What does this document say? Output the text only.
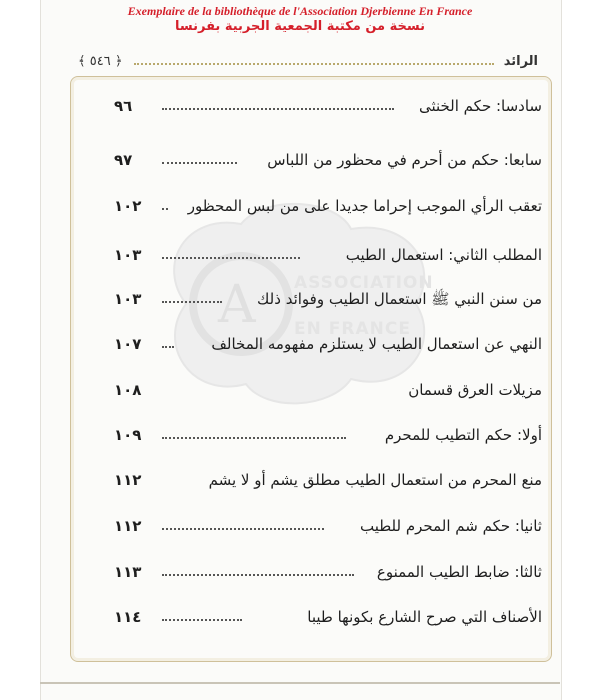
Exemplaire de la bibliothèque de l'Association Djerbienne En France
نسخة من مكتبة الجمعية الجربية بفرنسا
الرائد
﴿ ٥٤٦ ﴾
A ASSOCIATION
EN FRANCE
سادسا: حكم الخنثى
٩٦
سابعا: حكم من أحرم في محظور من اللباس
٩٧
تعقب الرأي الموجب إحراما جديدا على من لبس المحظور
١٠٢
المطلب الثاني: استعمال الطيب
١٠٣
من سنن النبي ﷺ استعمال الطيب وفوائد ذلك
١٠٣
النهي عن استعمال الطيب لا يستلزم مفهومه المخالف
١٠٧
مزيلات العرق قسمان
١٠٨
أولا: حكم التطيب للمحرم
١٠٩
منع المحرم من استعمال الطيب مطلق يشم أو لا يشم
١١٢
ثانيا: حكم شم المحرم للطيب
١١٢
ثالثا: ضابط الطيب الممنوع
١١٣
الأصناف التي صرح الشارع بكونها طيبا
١١٤
